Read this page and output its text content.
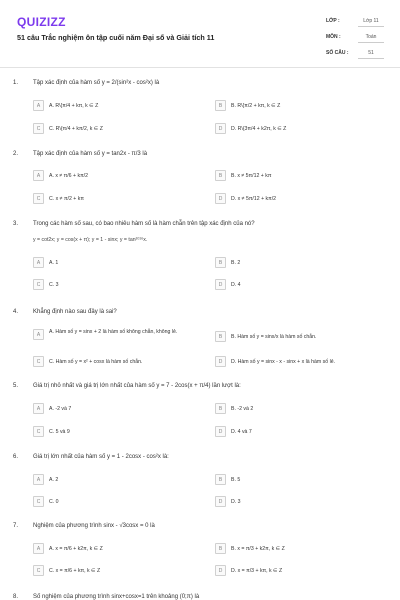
QUIZIZZ
51 câu Trắc nghiệm ôn tập cuối năm Đại số và Giải tích 11
LỚP :	Lớp 11
MÔN :	Toán
SỐ CÂU :	51
1. Tập xác định của hàm số y = 2/(sin²x - cos²x) là
A	A. R\{π/4 + kπ, k ∈ Z	B	B. R\{π/2 + kπ, k ∈ Z
C	C. R\{π/4 + kπ/2, k ∈ Z	D	D. R\{3π/4 + k2π, k ∈ Z
2. Tập xác định của hàm số y = tan2x - π/3 là
A	A. x ≠ π/6 + kπ/2	B	B. x ≠ 5π/12 + kπ
C	C. x ≠ π/2 + kπ	D	D. x ≠ 5π/12 + kπ/2
3. Trong các hàm số sau, có bao nhiêu hàm số là hàm chẵn trên tập xác định của nó?
y = cot2x; y = cos(x + π); y = 1 - sinx; y = tan²⁰¹⁶x.
A	A. 1	B	B. 2
C	C. 3	D	D. 4
4. Khẳng định nào sau đây là sai?
A	A. Hàm số y = sinx + 2 là hàm số không chẵn, không lẻ.
B	B. Hàm số y = sinx/x là hàm số chẵn.
C	C. Hàm số y = x² + cosx là hàm số chẵn.	D	D. Hàm số y = sinx - x - sinx + x là hàm số lẻ.
5. Giá trị nhỏ nhất và giá trị lớn nhất của hàm số y = 7 - 2cos(x + π/4) lần lượt là:
A	A. -2 và 7	B	B. -2 và 2
C	C. 5 và 9	D	D. 4 và 7
6. Giá trị lớn nhất của hàm số y = 1 - 2cosx - cos²x là:
A	A. 2	B	B. 5
C	C. 0	D	D. 3
7. Nghiệm của phương trình sinx - √3cosx = 0 là
A	A. x = π/6 + k2π, k ∈ Z	B	B. x = π/3 + k2π, k ∈ Z
C	C. x = π/6 + kπ, k ∈ Z	D	D. x = π/3 + kπ, k ∈ Z
8. Số nghiệm của phương trình sinx+cosx=1 trên khoảng (0;π) là
